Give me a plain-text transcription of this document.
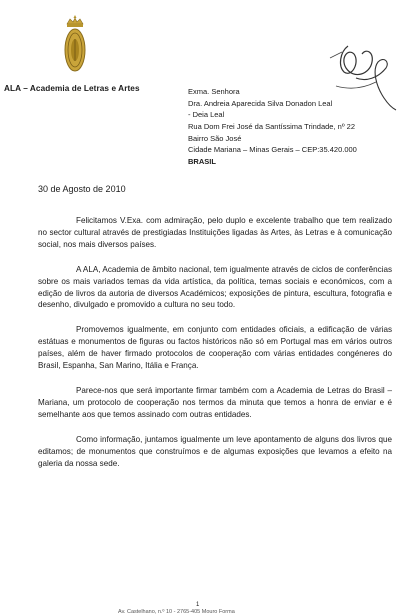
ALA – Academia de Letras e Artes	Exma. Senhora
Dra. Andreia Aparecida Silva Donadon Leal
- Deia Leal
Rua Dom Frei José da Santíssima Trindade, nº 22
Bairro São José
Cidade Mariana – Minas Gerais – CEP:35.420.000
BRASIL
30 de Agosto de 2010

Felicitamos V.Exa. com admiração, pelo duplo e excelente trabalho que tem realizado no sector cultural através de prestigiadas Instituições ligadas às Artes, às Letras e à comunicação social, nos mais diversos países.

A ALA, Academia de âmbito nacional, tem igualmente através de ciclos de conferências sobre os mais variados temas da vida artística, da política, temas sociais e económicos, com a edição de livros da autoria de diversos Académicos; exposições de pintura, escultura, fotografia e desenho, divulgado e promovido a cultura no seu todo.

Promovemos igualmente, em conjunto com entidades oficiais, a edificação de várias estátuas e monumentos de figuras ou factos históricos não só em Portugal mas em vários outros países, além de haver firmado protocolos de cooperação com várias entidades congéneres do Brasil, Espanha, San Marino, Itália e França.

Parece-nos que será importante firmar também com a Academia de Letras do Brasil – Mariana, um protocolo de cooperação nos termos da minuta que temos a honra de enviar e é semelhante aos que temos assinado com outras entidades.

Como informação, juntamos igualmente um leve apontamento de alguns dos livros que editamos; de monumentos que construímos e de algumas exposições que levamos a efeito na galeria da nossa sede.

1
Av. Castelhano, n.º 10 - 2765-405 Mouro Forma
